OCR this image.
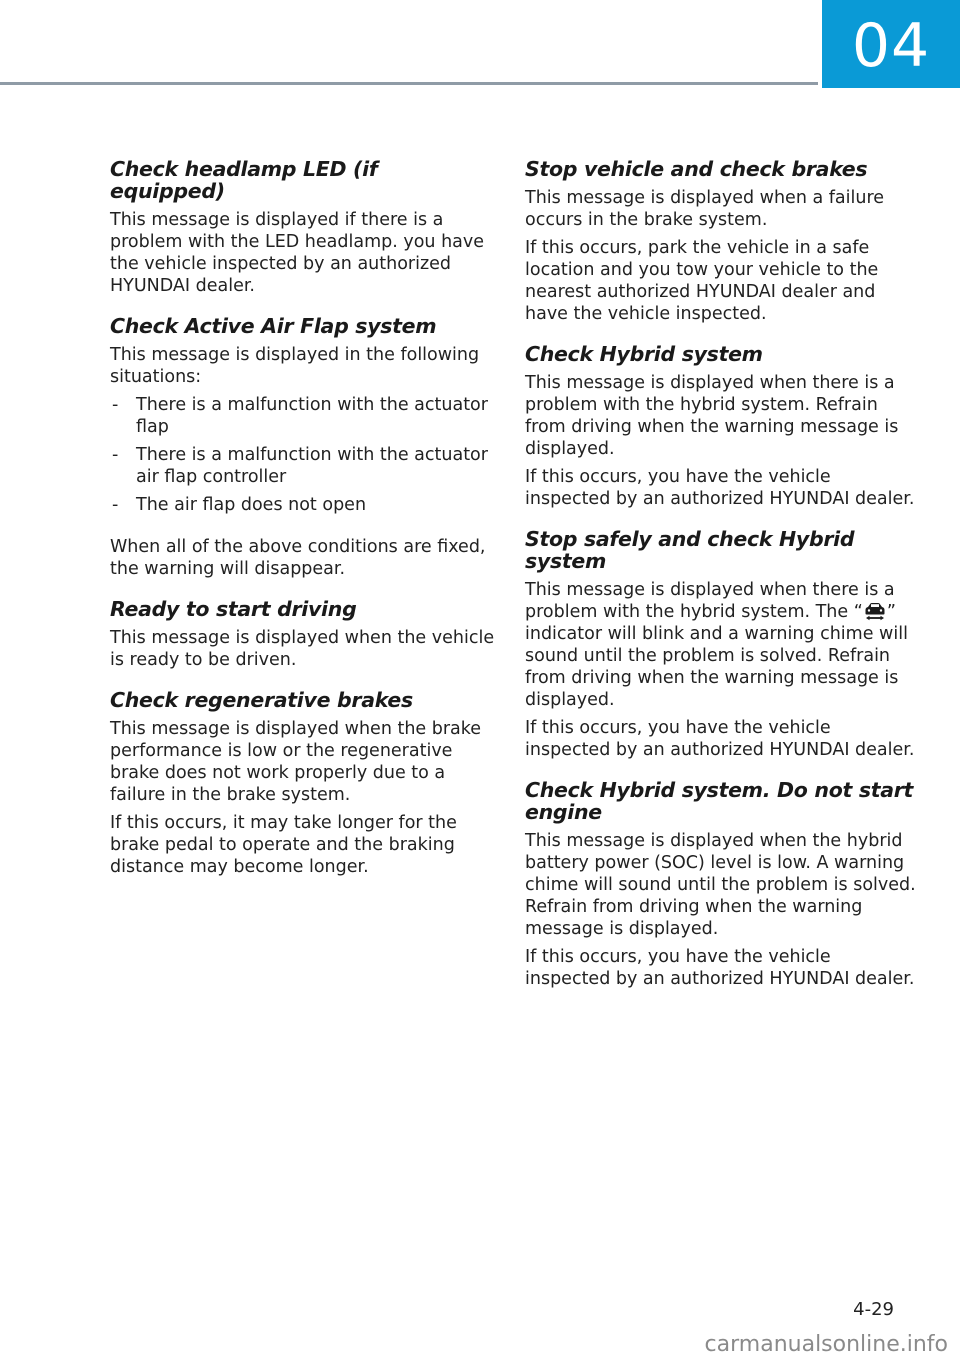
04
Check headlamp LED (if equipped)

This message is displayed if there is a problem with the LED headlamp. you have the vehicle inspected by an authorized HYUNDAI dealer.

Check Active Air Flap system

This message is displayed in the following situations:

- There is a malfunction with the actuator flap
- There is a malfunction with the actuator air flap controller
- The air flap does not open

When all of the above conditions are fixed, the warning will disappear.

Ready to start driving

This message is displayed when the vehicle is ready to be driven.

Check regenerative brakes

This message is displayed when the brake performance is low or the regenerative brake does not work properly due to a failure in the brake system.

If this occurs, it may take longer for the brake pedal to operate and the braking distance may become longer.

Stop vehicle and check brakes

This message is displayed when a failure occurs in the brake system.

If this occurs, park the vehicle in a safe location and you tow your vehicle to the nearest authorized HYUNDAI dealer and have the vehicle inspected.

Check Hybrid system

This message is displayed when there is a problem with the hybrid system. Refrain from driving when the warning message is displayed.

If this occurs, you have the vehicle inspected by an authorized HYUNDAI dealer.

Stop safely and check Hybrid system

This message is displayed when there is a problem with the hybrid system. The “ ” indicator will blink and a warning chime will sound until the problem is solved. Refrain from driving when the warning message is displayed.

If this occurs, you have the vehicle inspected by an authorized HYUNDAI dealer.

Check Hybrid system. Do not start engine

This message is displayed when the hybrid battery power (SOC) level is low. A warning chime will sound until the problem is solved. Refrain from driving when the warning message is displayed.

If this occurs, you have the vehicle inspected by an authorized HYUNDAI dealer.

4-29
carmanualsonline.info
